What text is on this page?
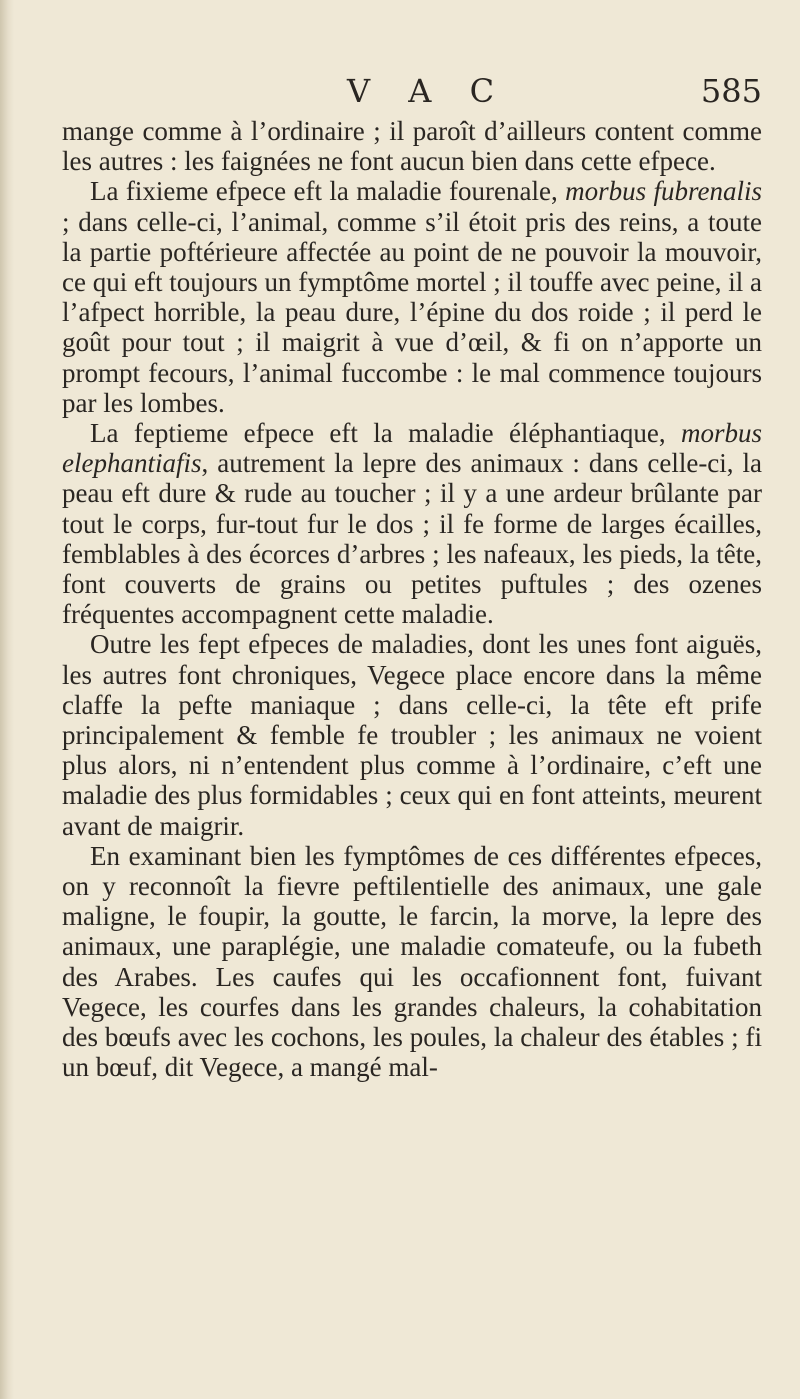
V A C	585

mange comme à l’ordinaire ; il paroît d’ailleurs content comme les autres : les faignées ne font aucun bien dans cette efpece.

La fixieme efpece eft la maladie fourenale, morbus fubrenalis ; dans celle-ci, l’animal, comme s’il étoit pris des reins, a toute la partie poftérieure affectée au point de ne pouvoir la mouvoir, ce qui eft toujours un fymptôme mortel ; il touffe avec peine, il a l’afpect horrible, la peau dure, l’épine du dos roide ; il perd le goût pour tout ; il maigrit à vue d’œil, & fi on n’apporte un prompt fecours, l’animal fuccombe : le mal commence toujours par les lombes.

La feptieme efpece eft la maladie éléphantiaque, morbus elephantiafis, autrement la lepre des animaux : dans celle-ci, la peau eft dure & rude au toucher ; il y a une ardeur brûlante par tout le corps, fur-tout fur le dos ; il fe forme de larges écailles, femblables à des écorces d’arbres ; les nafeaux, les pieds, la tête, font couverts de grains ou petites puftules ; des ozenes fréquentes accompagnent cette maladie.

Outre les fept efpeces de maladies, dont les unes font aiguës, les autres font chroniques, Vegece place encore dans la même claffe la pefte maniaque ; dans celle-ci, la tête eft prife principalement & femble fe troubler ; les animaux ne voient plus alors, ni n’entendent plus comme à l’ordinaire, c’eft une maladie des plus formidables ; ceux qui en font atteints, meurent avant de maigrir.

En examinant bien les fymptômes de ces différentes efpeces, on y reconnoît la fievre peftilentielle des animaux, une gale maligne, le foupir, la goutte, le farcin, la morve, la lepre des animaux, une paraplégie, une maladie comateufe, ou la fubeth des Arabes. Les caufes qui les occafionnent font, fuivant Vegece, les courfes dans les grandes chaleurs, la cohabitation des bœufs avec les cochons, les poules, la chaleur des étables ; fi un bœuf, dit Vegece, a mangé mal-
